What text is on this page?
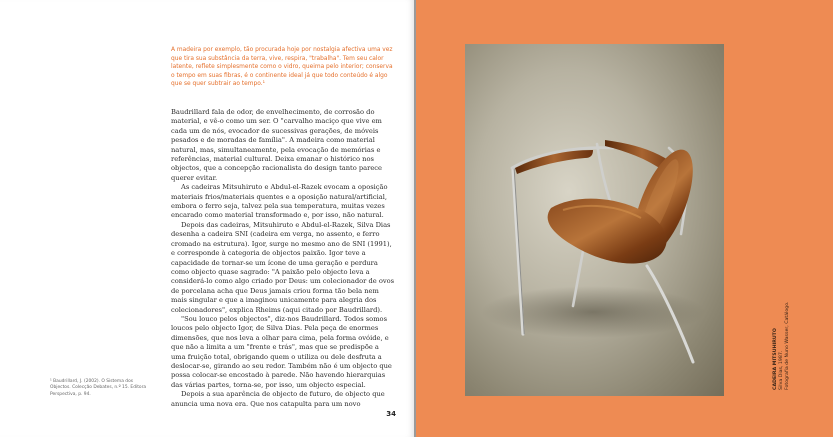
A madeira por exemplo, tão procurada hoje por nostalgia afectiva uma vez que tira sua substância da terra, vive, respira, "trabalha". Tem seu calor latente, reflete simplesmente como o vidro, queima pelo interior; conserva o tempo em suas fibras, é o continente ideal já que todo conteúdo é algo que se quer subtrair ao tempo.¹

Baudrillard fala de odor, de envelhecimento, de corrosão do material, e vê-o como um ser. O "carvalho maciço que vive em cada um de nós, evocador de sucessivas gerações, de móveis pesados e de moradas de família". A madeira como material natural, mas, simultaneamente, pela evocação de memórias e referências, material cultural. Deixa emanar o histórico nos objectos, que a concepção racionalista do design tanto parece querer evitar.

As cadeiras Mitsuhiruto e Abdul-el-Razek evocam a oposição materiais frios/materiais quentes e a oposição natural/artificial, embora o ferro seja, talvez pela sua temperatura, muitas vezes encarado como material transformado e, por isso, não natural.

Depois das cadeiras, Mitsuhiruto e Abdul-el-Razek, Silva Dias desenha a cadeira SNI (cadeira em verga, no assento, e ferro cromado na estrutura). Igor, surge no mesmo ano de SNI (1991), e corresponde à categoria de objectos paixão. Igor teve a capacidade de tornar-se um ícone de uma geração e perdura como objecto quase sagrado: "A paixão pelo objecto leva a considerá-lo como algo criado por Deus: um colecionador de ovos de porcelana acha que Deus jamais criou forma tão bela nem mais singular e que a imaginou unicamente para alegria dos colecionadores", explica Rheims (aqui citado por Baudrillard).

"Sou louco pelos objectos", diz-nos Baudrillard. Todos somos loucos pelo objecto Igor, de Silva Dias. Pela peça de enormes dimensões, que nos leva a olhar para cima, pela forma ovóide, e que não a limita a um "frente e trás", mas que se predispõe a uma fruição total, obrigando quem o utiliza ou dele desfruta a deslocar-se, girando ao seu redor. Também não é um objecto que possa colocar-se encostado à parede. Não havendo hierarquias das várias partes, torna-se, por isso, um objecto especial.

Depois a sua aparência de objecto de futuro, de objecto que anuncia uma nova era. Que nos catapulta para um novo

¹ Baudrillard, J. (2002). O Sistema dos Objectos. Colecção Debates, n.º 15. Editora Perspectiva, p. 94.

34
CADEIRA MITSUHIRUTO Silva Dias, 1987. Fotografia de Nuno Wasser, Catálogo.
